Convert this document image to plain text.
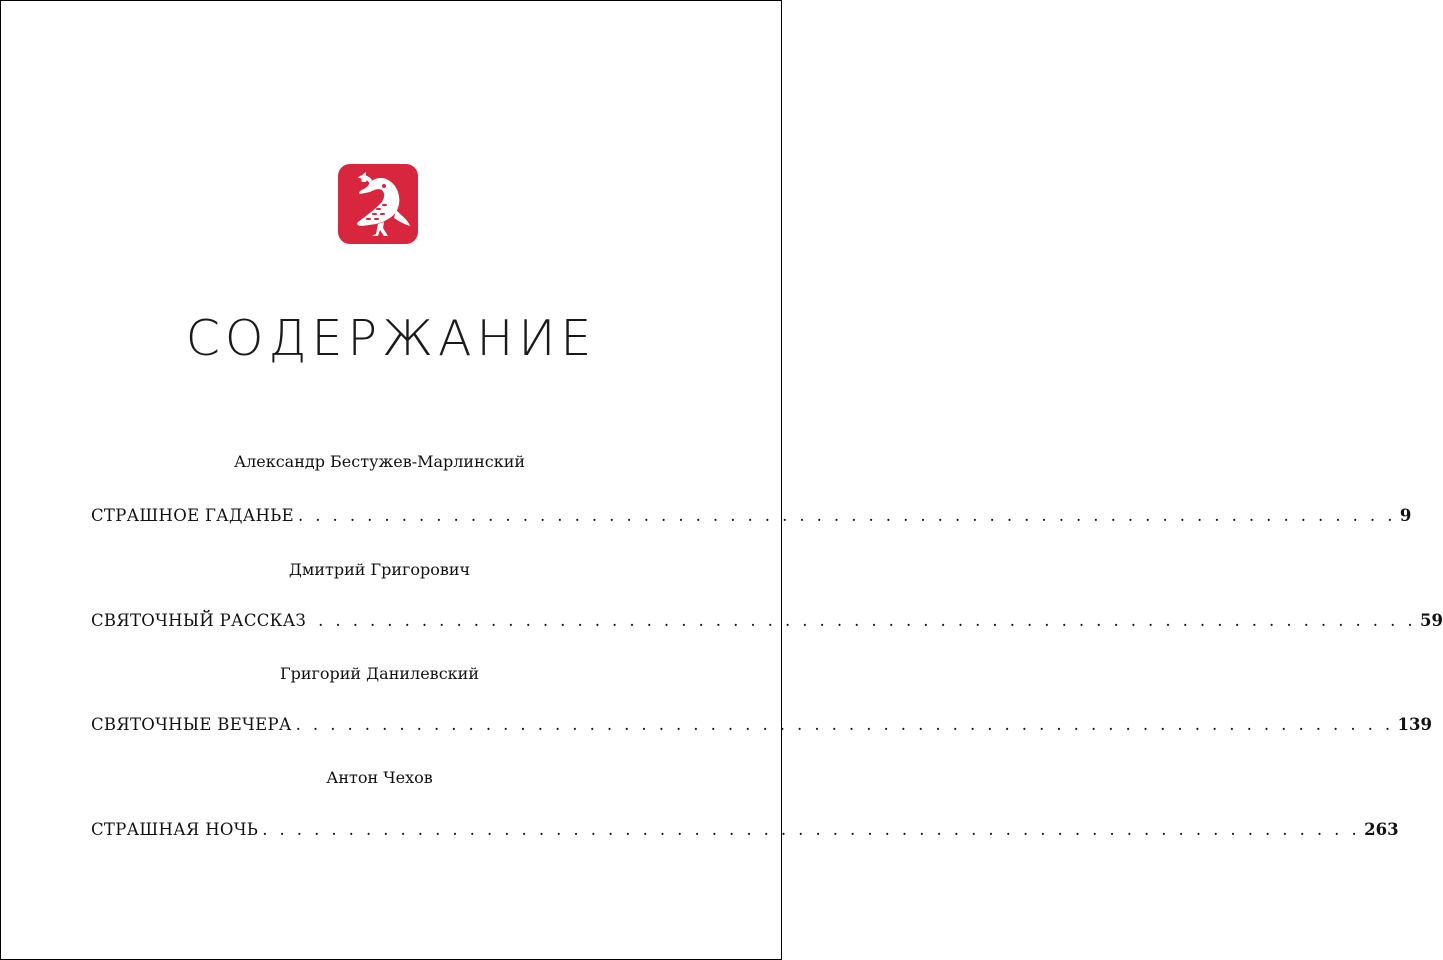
СОДЕРЖАНИЕ
Александр Бестужев-Марлинский
СТРАШНОЕ ГАДАНЬЕ . . . . . . . . . . . . . . . . . . . . . . . . . . . . . . . . . . . . . . . . . . . . . . . . . . . . . . . . . . . . . . . . 9
Дмитрий Григорович
СВЯТОЧНЫЙ РАССКАЗ . . . . . . . . . . . . . . . . . . . . . . . . . . . . . . . . . . . . . . . . . . . . . . . . . . . . . . . . . . . . . . . . 59
Григорий Данилевский
СВЯТОЧНЫЕ ВЕЧЕРА . . . . . . . . . . . . . . . . . . . . . . . . . . . . . . . . . . . . . . . . . . . . . . . . . . . . . . . . . . . . . . . . 139
Антон Чехов
СТРАШНАЯ НОЧЬ . . . . . . . . . . . . . . . . . . . . . . . . . . . . . . . . . . . . . . . . . . . . . . . . . . . . . . . . . . . . . . . . 263
